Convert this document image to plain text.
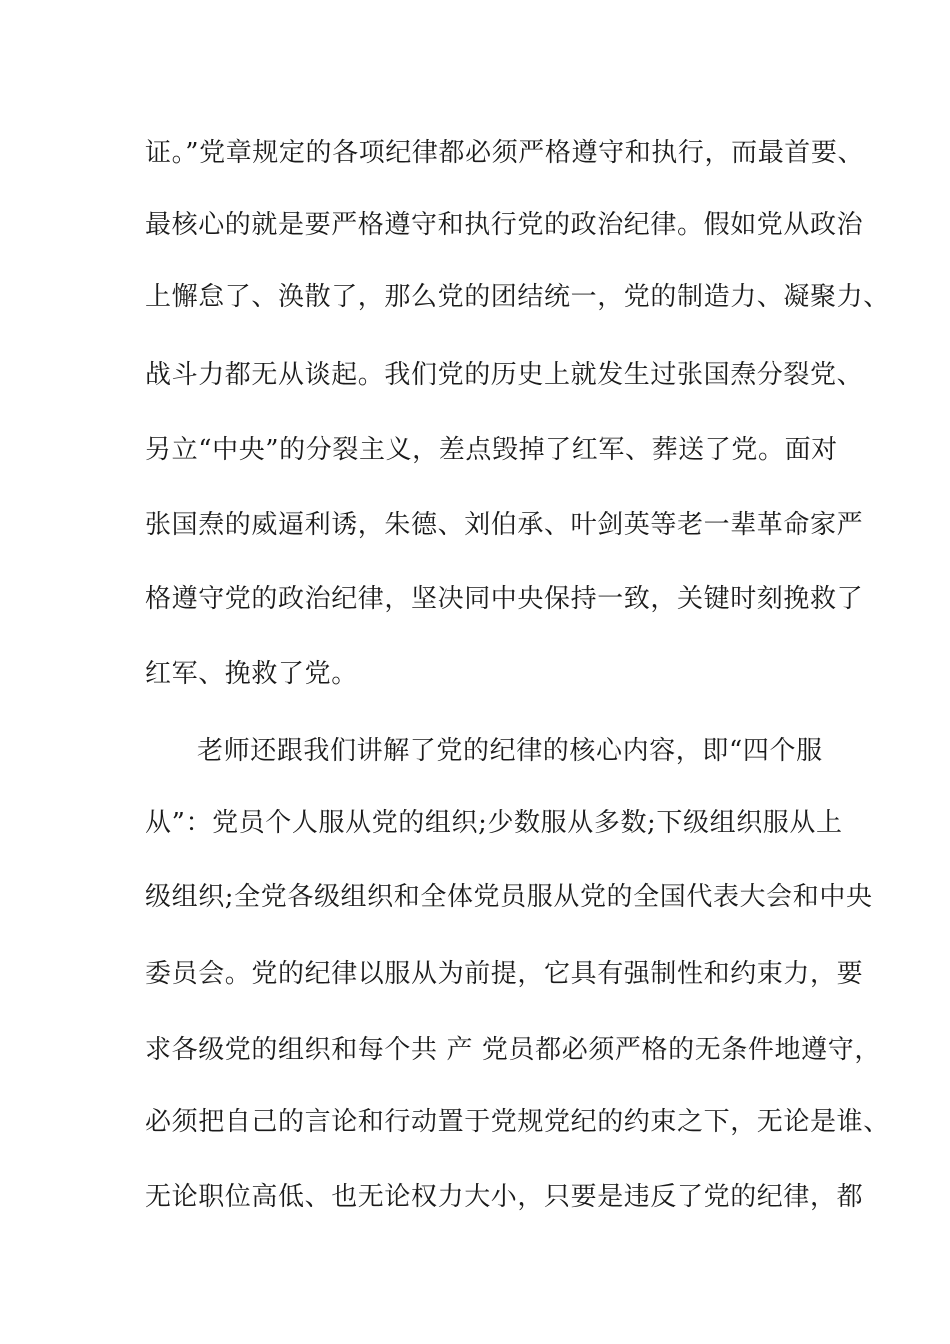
证。”党章规定的各项纪律都必须严格遵守和执行，而最首要、
最核心的就是要严格遵守和执行党的政治纪律。假如党从政治
上懈怠了、涣散了，那么党的团结统一，党的制造力、凝聚力、
战斗力都无从谈起。我们党的历史上就发生过张国焘分裂党、
另立“中央”的分裂主义，差点毁掉了红军、葬送了党。面对
张国焘的威逼利诱，朱德、刘伯承、叶剑英等老一辈革命家严
格遵守党的政治纪律，坚决同中央保持一致，关键时刻挽救了
红军、挽救了党。
老师还跟我们讲解了党的纪律的核心内容，即“四个服
从”：党员个人服从党的组织;少数服从多数;下级组织服从上
级组织;全党各级组织和全体党员服从党的全国代表大会和中央
委员会。党的纪律以服从为前提，它具有强制性和约束力，要
求各级党的组织和每个共 产 党员都必须严格的无条件地遵守，
必须把自己的言论和行动置于党规党纪的约束之下，无论是谁、
无论职位高低、也无论权力大小，只要是违反了党的纪律，都
